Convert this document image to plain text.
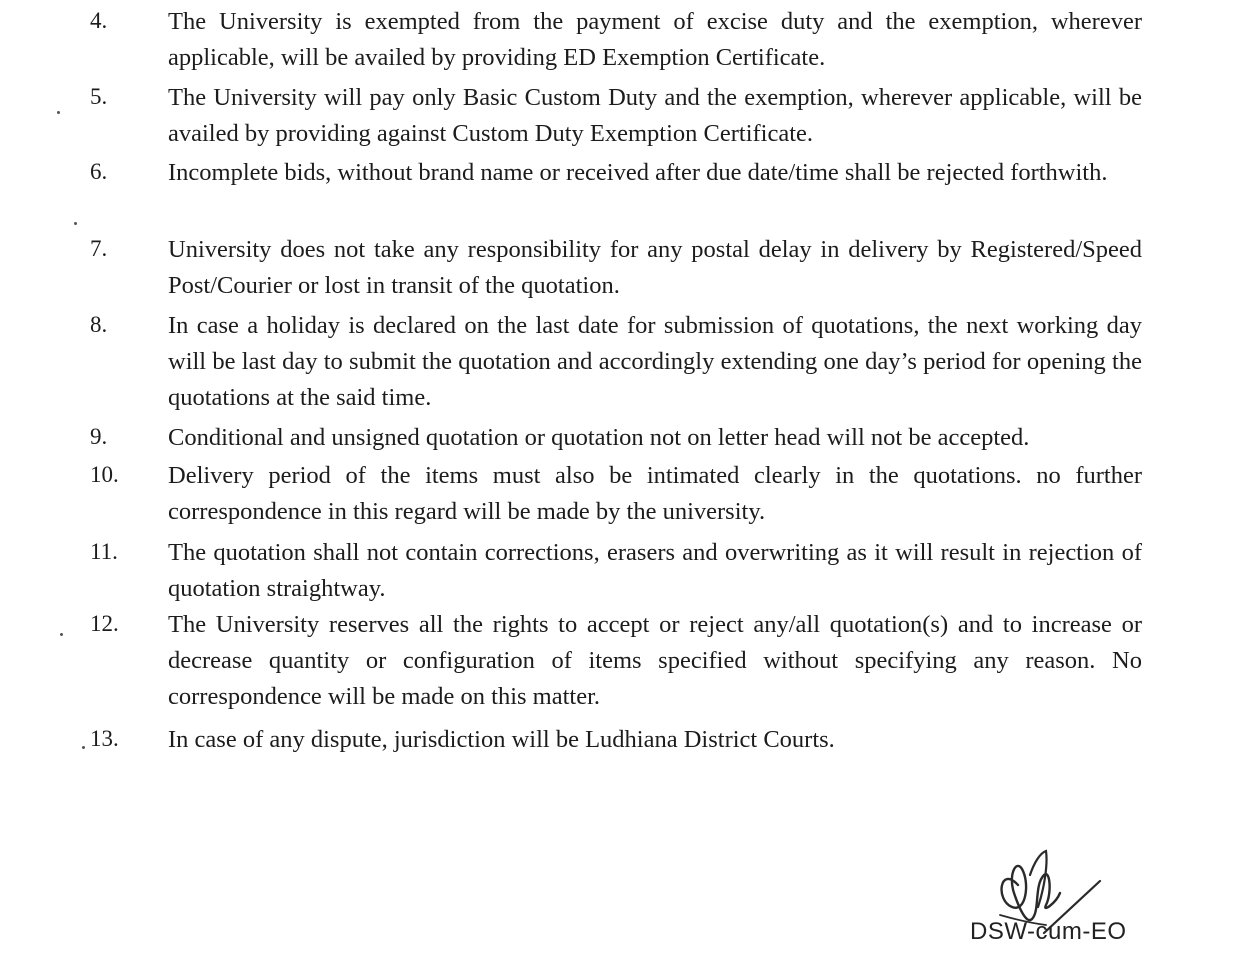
4. The University is exempted from the payment of excise duty and the exemption, wherever applicable, will be availed by providing ED Exemption Certificate.
5. The University will pay only Basic Custom Duty and the exemption, wherever applicable, will be availed by providing against Custom Duty Exemption Certificate.
6. Incomplete bids, without brand name or received after due date/time shall be rejected forthwith.
7. University does not take any responsibility for any postal delay in delivery by Registered/Speed Post/Courier or lost in transit of the quotation.
8. In case a holiday is declared on the last date for submission of quotations, the next working day will be last day to submit the quotation and accordingly extending one day’s period for opening the quotations at the said time.
9. Conditional and unsigned quotation or quotation not on letter head will not be accepted.
10. Delivery period of the items must also be intimated clearly in the quotations. no further correspondence in this regard will be made by the university.
11. The quotation shall not contain corrections, erasers and overwriting as it will result in rejection of quotation straightway.
12. The University reserves all the rights to accept or reject any/all quotation(s) and to increase or decrease quantity or configuration of items specified without specifying any reason. No correspondence will be made on this matter.
13. In case of any dispute, jurisdiction will be Ludhiana District Courts.
DSW-cum-EO
